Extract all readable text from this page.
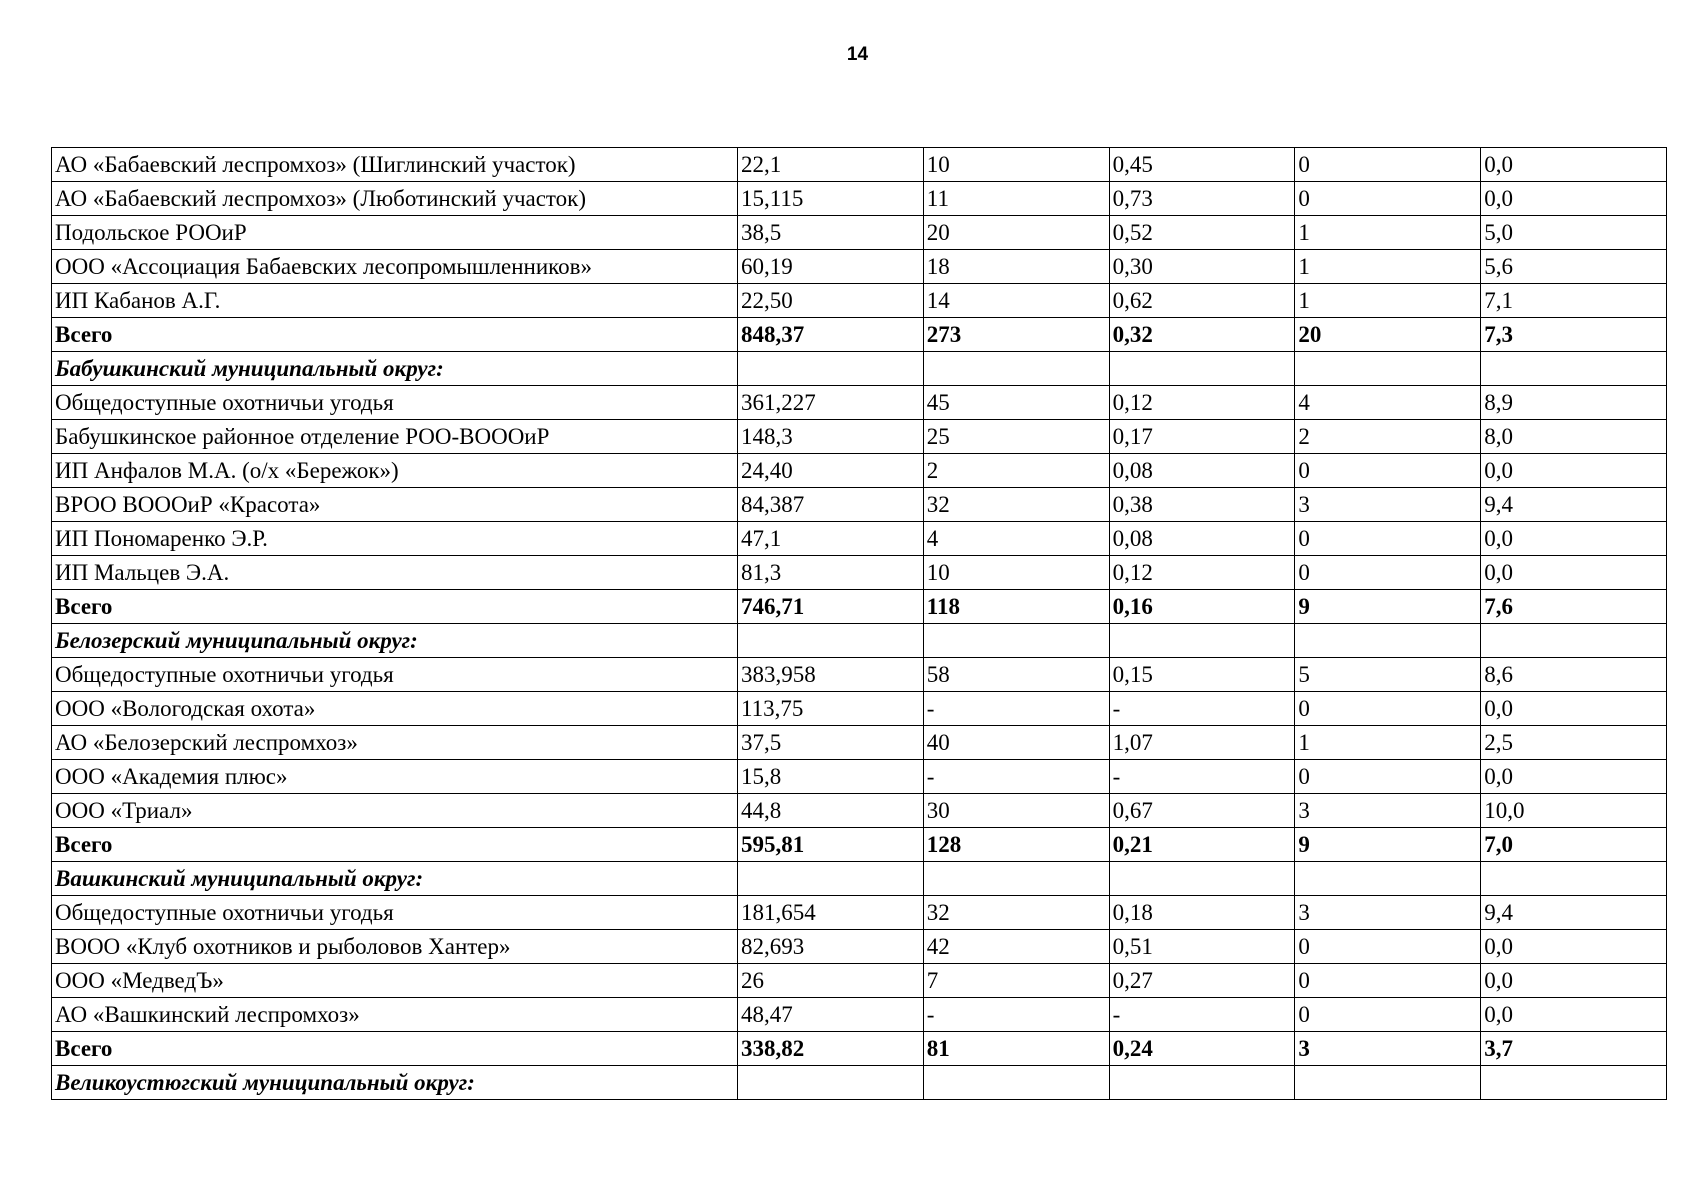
14
АО «Бабаевский леспромхоз» (Шиглинский участок)	22,1	10	0,45	0	0,0
АО «Бабаевский леспромхоз» (Люботинский участок)	15,115	11	0,73	0	0,0
Подольское РООиР	38,5	20	0,52	1	5,0
ООО «Ассоциация Бабаевских лесопромышленников»	60,19	18	0,30	1	5,6
ИП Кабанов А.Г.	22,50	14	0,62	1	7,1
Всего	848,37	273	0,32	20	7,3
Бабушкинский муниципальный округ:					
Общедоступные охотничьи угодья	361,227	45	0,12	4	8,9
Бабушкинское районное отделение РОО-ВОООиР	148,3	25	0,17	2	8,0
ИП Анфалов М.А. (о/х «Бережок»)	24,40	2	0,08	0	0,0
ВРОО ВОООиР «Красота»	84,387	32	0,38	3	9,4
ИП Пономаренко Э.Р.	47,1	4	0,08	0	0,0
ИП Мальцев Э.А.	81,3	10	0,12	0	0,0
Всего	746,71	118	0,16	9	7,6
Белозерский муниципальный округ:					
Общедоступные охотничьи угодья	383,958	58	0,15	5	8,6
ООО «Вологодская охота»	113,75	-	-	0	0,0
АО «Белозерский леспромхоз»	37,5	40	1,07	1	2,5
ООО «Академия плюс»	15,8	-	-	0	0,0
ООО «Триал»	44,8	30	0,67	3	10,0
Всего	595,81	128	0,21	9	7,0
Вашкинский муниципальный округ:					
Общедоступные охотничьи угодья	181,654	32	0,18	3	9,4
ВОOO «Клуб охотников и рыболовов Хантер»	82,693	42	0,51	0	0,0
ООО «МедведЪ»	26	7	0,27	0	0,0
АО «Вашкинский леспромхоз»	48,47	-	-	0	0,0
Всего	338,82	81	0,24	3	3,7
Великоустюгский муниципальный округ:					
